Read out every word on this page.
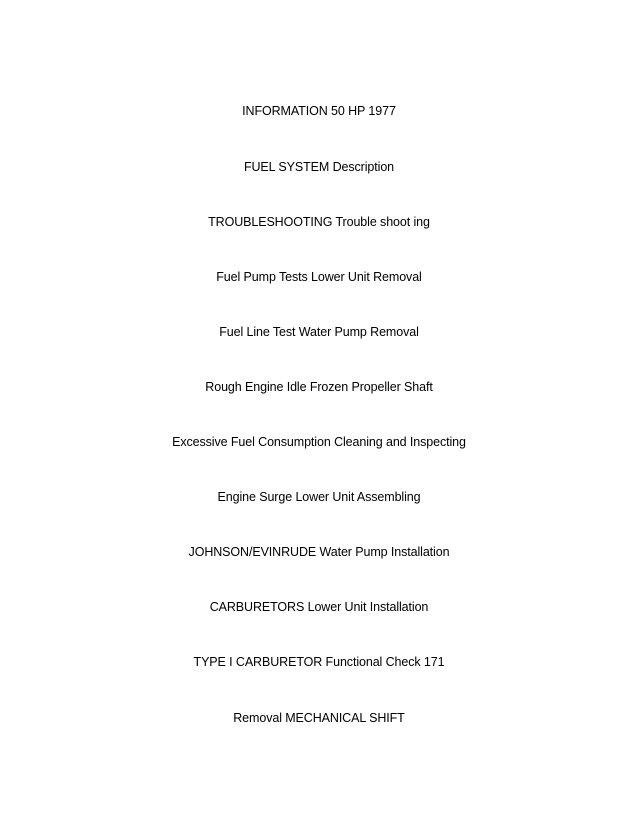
INFORMATION 50 HP 1977
FUEL SYSTEM Description
TROUBLESHOOTING Trouble shoot ing
Fuel Pump Tests Lower Unit Removal
Fuel Line Test Water Pump Removal
Rough Engine Idle Frozen Propeller Shaft
Excessive Fuel Consumption Cleaning and Inspecting
Engine Surge Lower Unit Assembling
JOHNSON/EVINRUDE Water Pump Installation
CARBURETORS Lower Unit Installation
TYPE I CARBURETOR Functional Check 171
Removal MECHANICAL SHIFT
